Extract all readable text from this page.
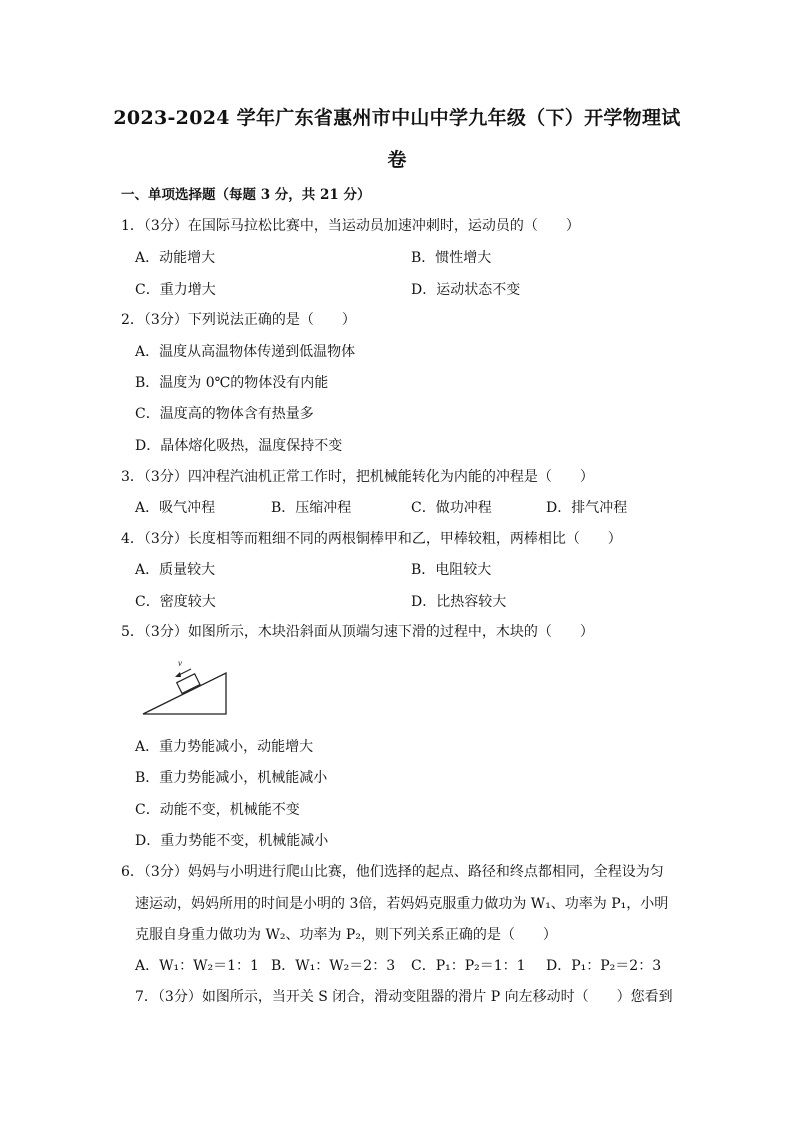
2023-2024 学年广东省惠州市中山中学九年级（下）开学物理试
卷
一、单项选择题（每题 3 分，共 21 分）
1．（3分）在国际马拉松比赛中，当运动员加速冲刺时，运动员的（　　）
A．动能增大	B．惯性增大
C．重力增大	D．运动状态不变
2．（3分）下列说法正确的是（　　）
A．温度从高温物体传递到低温物体
B．温度为 0℃的物体没有内能
C．温度高的物体含有热量多
D．晶体熔化吸热，温度保持不变
3．（3分）四冲程汽油机正常工作时，把机械能转化为内能的冲程是（　　）
A．吸气冲程	B．压缩冲程	C．做功冲程	D．排气冲程
4．（3分）长度相等而粗细不同的两根铜棒甲和乙，甲棒较粗，两棒相比（　　）
A．质量较大	B．电阻较大
C．密度较大	D．比热容较大
5．（3分）如图所示，木块沿斜面从顶端匀速下滑的过程中，木块的（　　）
v
A．重力势能减小，动能增大
B．重力势能减小，机械能减小
C．动能不变，机械能不变
D．重力势能不变，机械能减小
6．（3分）妈妈与小明进行爬山比赛，他们选择的起点、路径和终点都相同，全程设为匀
速运动，妈妈所用的时间是小明的 3倍，若妈妈克服重力做功为 W₁、功率为 P₁，小明
克服自身重力做功为 W₂、功率为 P₂，则下列关系正确的是（　　）
A．W₁：W₂＝1：1 B．W₁：W₂＝2：3 C．P₁：P₂＝1：1 D．P₁：P₂＝2：3
7．（3分）如图所示，当开关 S 闭合，滑动变阻器的滑片 P 向左移动时（　　）您看到
